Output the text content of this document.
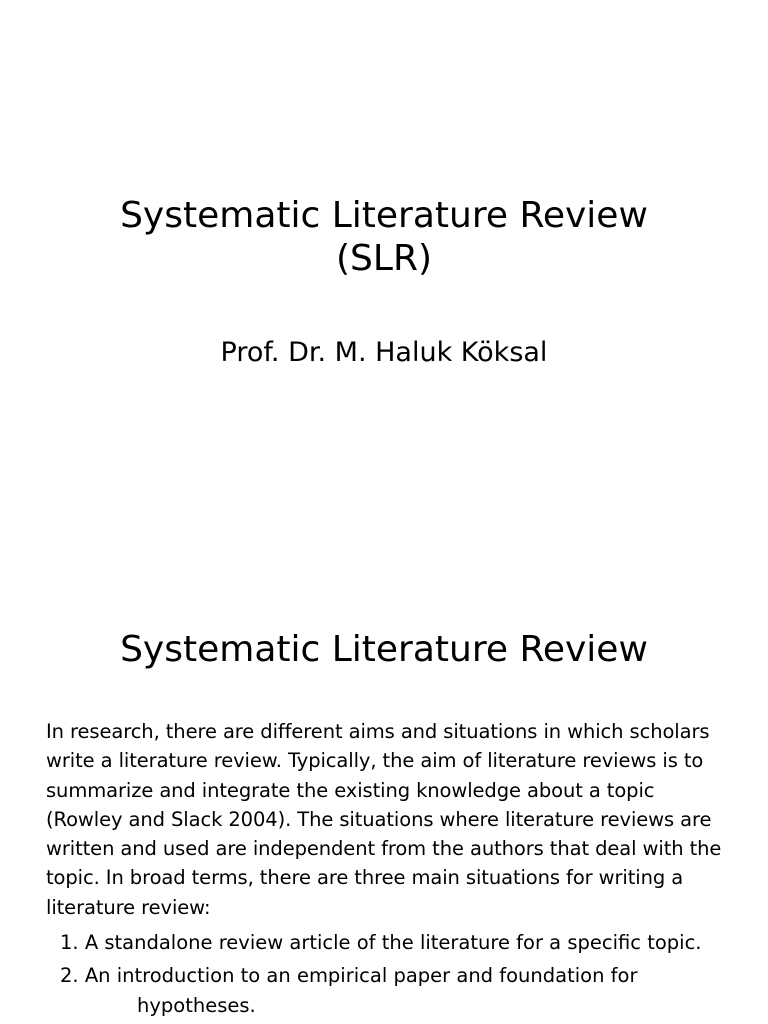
Systematic Literature Review
(SLR)

Prof. Dr. M. Haluk Köksal

Systematic Literature Review

In research, there are different aims and situations in which scholars write a literature review. Typically, the aim of literature reviews is to summarize and integrate the existing knowledge about a topic (Rowley and Slack 2004). The situations where literature reviews are written and used are independent from the authors that deal with the topic. In broad terms, there are three main situations for writing a literature review:

1. A standalone review article of the literature for a specific topic.
2. An introduction to an empirical paper and foundation for
hypotheses.
